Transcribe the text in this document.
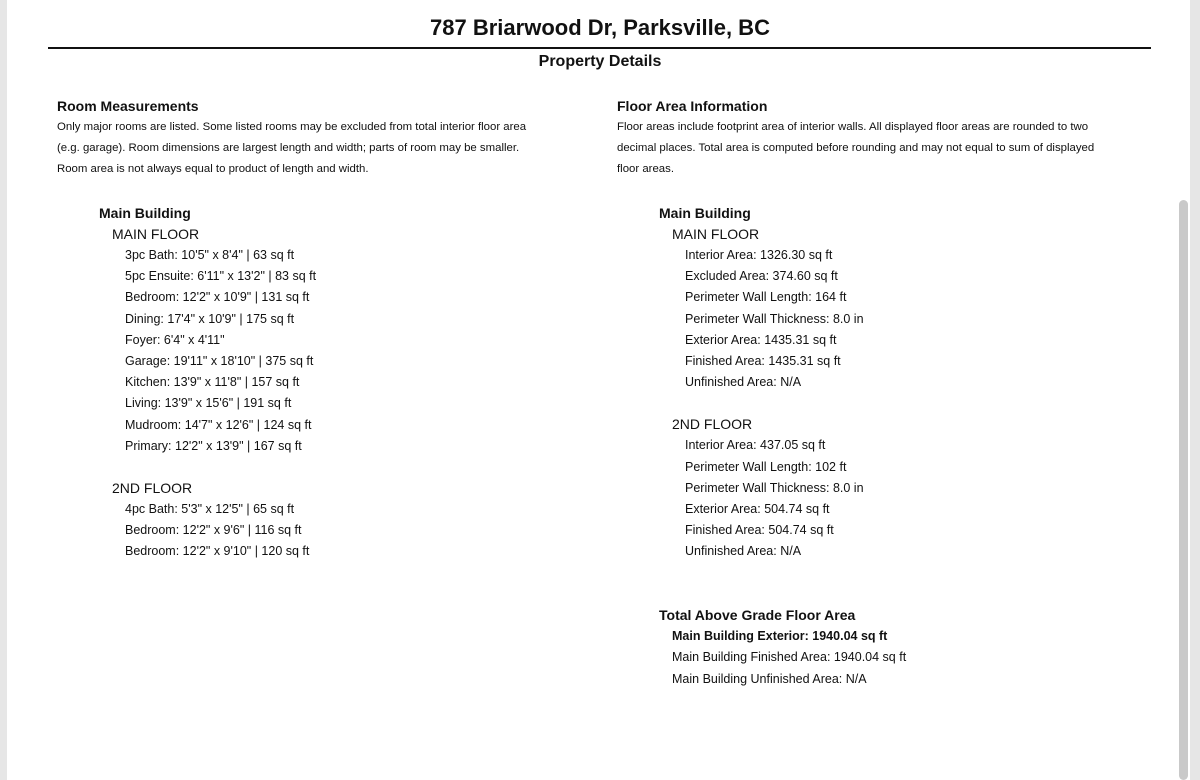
787 Briarwood Dr, Parksville, BC
Property Details
Room Measurements
Only major rooms are listed. Some listed rooms may be excluded from total interior floor area
(e.g. garage). Room dimensions are largest length and width; parts of room may be smaller.
Room area is not always equal to product of length and width.
Main Building
MAIN FLOOR
3pc Bath: 10'5" x 8'4" | 63 sq ft
5pc Ensuite: 6'11" x 13'2" | 83 sq ft
Bedroom: 12'2" x 10'9" | 131 sq ft
Dining: 17'4" x 10'9" | 175 sq ft
Foyer: 6'4" x 4'11"
Garage: 19'11" x 18'10" | 375 sq ft
Kitchen: 13'9" x 11'8" | 157 sq ft
Living: 13'9" x 15'6" | 191 sq ft
Mudroom: 14'7" x 12'6" | 124 sq ft
Primary: 12'2" x 13'9" | 167 sq ft
2ND FLOOR
4pc Bath: 5'3" x 12'5" | 65 sq ft
Bedroom: 12'2" x 9'6" | 116 sq ft
Bedroom: 12'2" x 9'10" | 120 sq ft
Floor Area Information
Floor areas include footprint area of interior walls. All displayed floor areas are rounded to two
decimal places. Total area is computed before rounding and may not equal to sum of displayed
floor areas.
Main Building
MAIN FLOOR
Interior Area: 1326.30 sq ft
Excluded Area: 374.60 sq ft
Perimeter Wall Length: 164 ft
Perimeter Wall Thickness: 8.0 in
Exterior Area: 1435.31 sq ft
Finished Area: 1435.31 sq ft
Unfinished Area: N/A
2ND FLOOR
Interior Area: 437.05 sq ft
Perimeter Wall Length: 102 ft
Perimeter Wall Thickness: 8.0 in
Exterior Area: 504.74 sq ft
Finished Area: 504.74 sq ft
Unfinished Area: N/A
Total Above Grade Floor Area
Main Building Exterior: 1940.04 sq ft
Main Building Finished Area: 1940.04 sq ft
Main Building Unfinished Area: N/A
